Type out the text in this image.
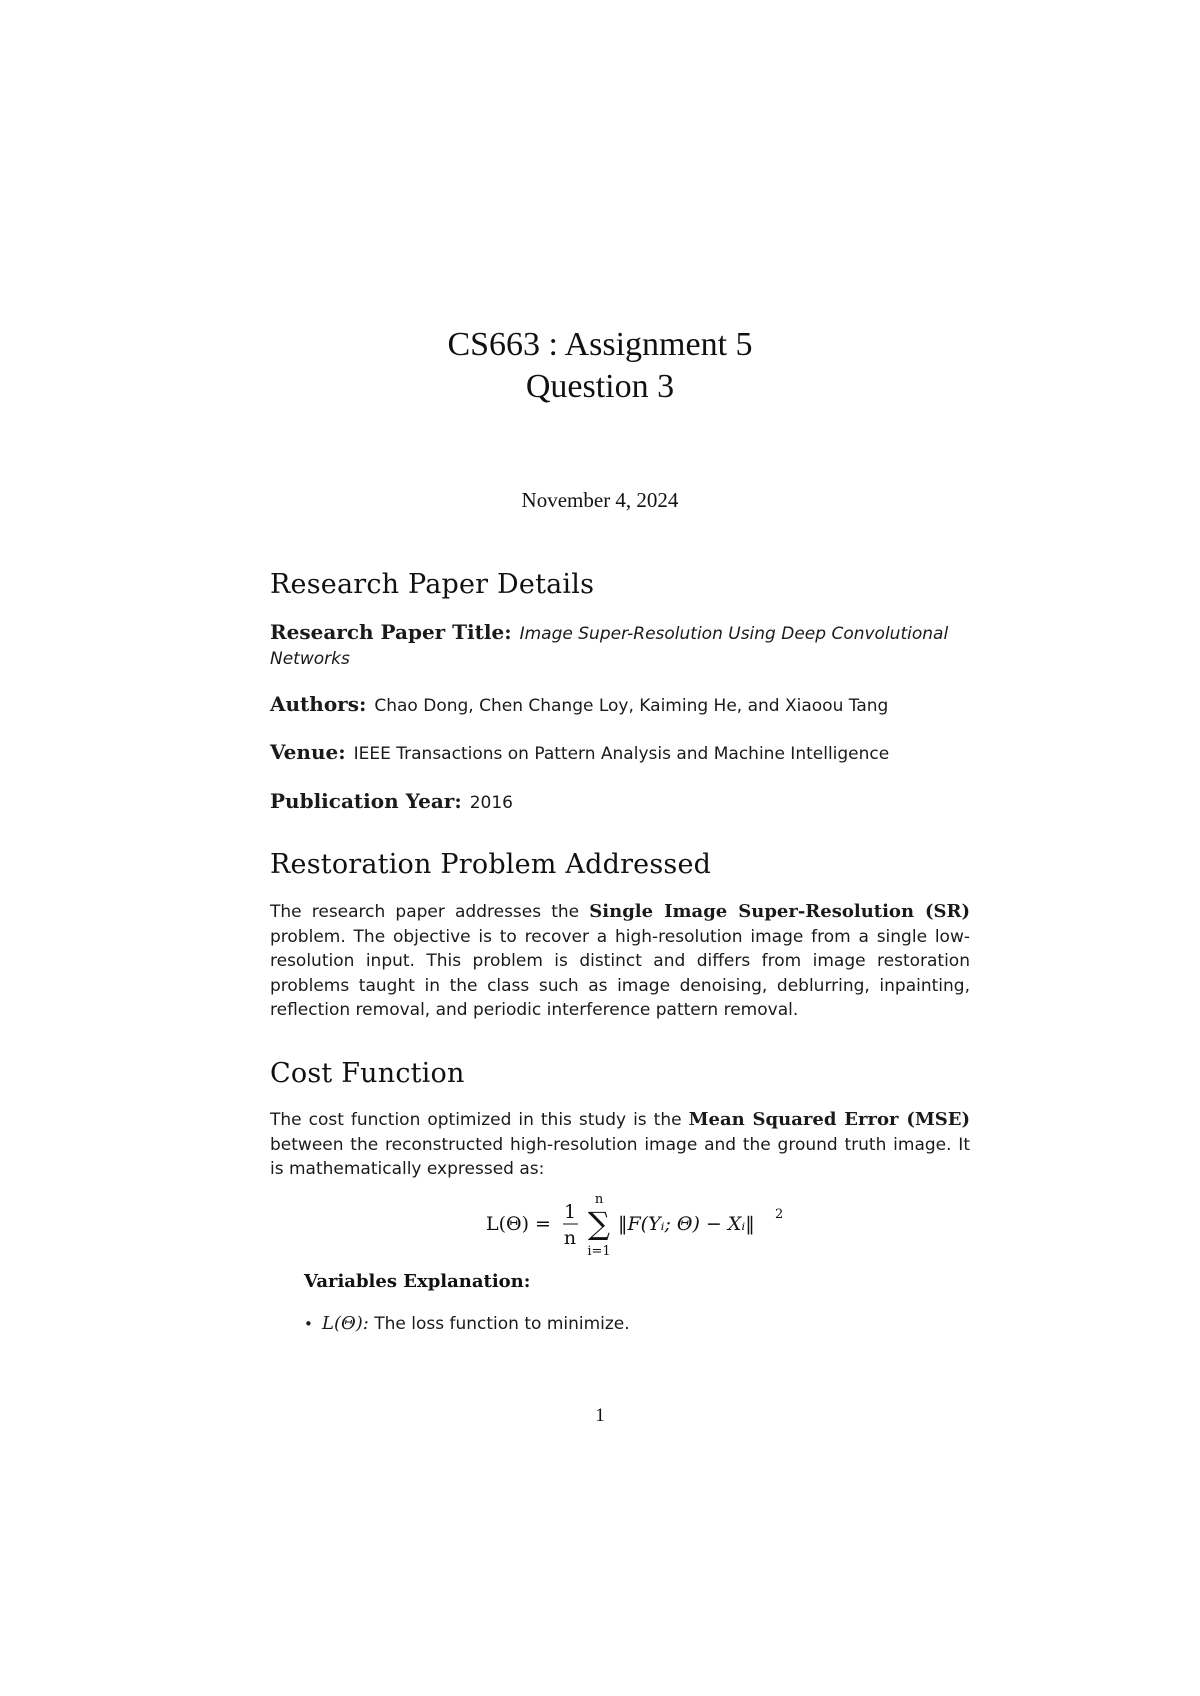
CS663 : Assignment 5
Question 3
November 4, 2024
Research Paper Details
Research Paper Title: Image Super-Resolution Using Deep Convolutional Networks
Authors: Chao Dong, Chen Change Loy, Kaiming He, and Xiaoou Tang
Venue: IEEE Transactions on Pattern Analysis and Machine Intelligence
Publication Year: 2016
Restoration Problem Addressed

The research paper addresses the Single Image Super-Resolution (SR) problem. The objective is to recover a high-resolution image from a single low-resolution input. This problem is distinct and differs from image restoration problems taught in the class such as image denoising, deblurring, inpainting, reflection removal, and periodic interference pattern removal.

Cost Function

The cost function optimized in this study is the Mean Squared Error (MSE) between the reconstructed high-resolution image and the ground truth image. It is mathematically expressed as:

L(Θ) =
1
n
n
∑
i=1
‖F(Yᵢ; Θ) − Xᵢ‖ 2
Variables Explanation:
• L(Θ): The loss function to minimize.
1
